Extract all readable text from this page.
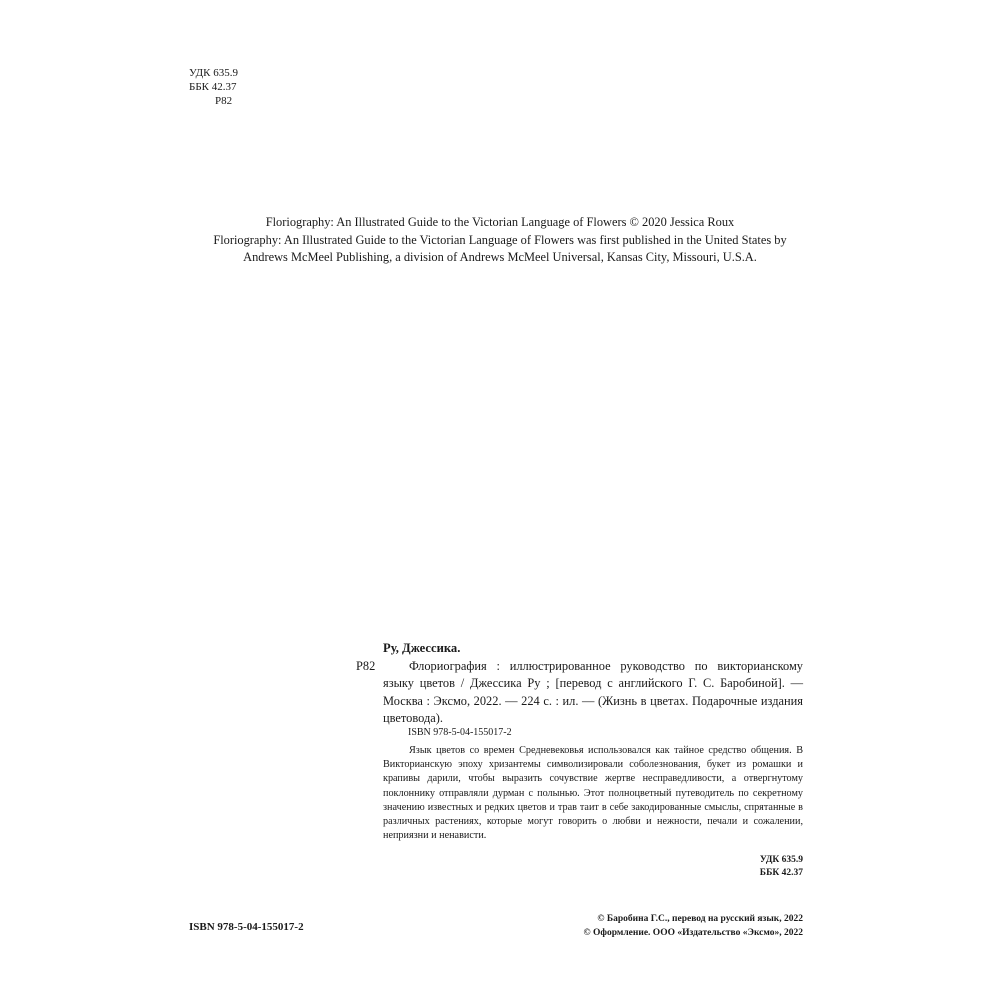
УДК 635.9
ББК 42.37
Р82
Floriography: An Illustrated Guide to the Victorian Language of Flowers © 2020 Jessica Roux
Floriography: An Illustrated Guide to the Victorian Language of Flowers was first published in the United States by
Andrews McMeel Publishing, a division of Andrews McMeel Universal, Kansas City, Missouri, U.S.A.
Р82
Ру, Джессика.

Флориография : иллюстрированное руководство по викторианскому языку цветов / Джессика Ру ; [перевод с английского Г. С. Баробиной]. — Москва : Эксмо, 2022. — 224 с. : ил. — (Жизнь в цветах. Подарочные издания цветовода).

ISBN 978-5-04-155017-2

Язык цветов со времен Средневековья использовался как тайное средство общения. В Викторианскую эпоху хризантемы символизировали соболезнования, букет из ромашки и крапивы дарили, чтобы выразить сочувствие жертве несправедливости, а отвергнутому поклоннику отправляли дурман с полынью. Этот полноцветный путеводитель по секретному значению известных и редких цветов и трав таит в себе закодированные смыслы, спрятанные в различных растениях, которые могут говорить о любви и нежности, печали и сожалении, неприязни и ненависти.

УДК 635.9
ББК 42.37
ISBN 978-5-04-155017-2
© Баробина Г.С., перевод на русский язык, 2022
© Оформление. ООО «Издательство «Эксмо», 2022
